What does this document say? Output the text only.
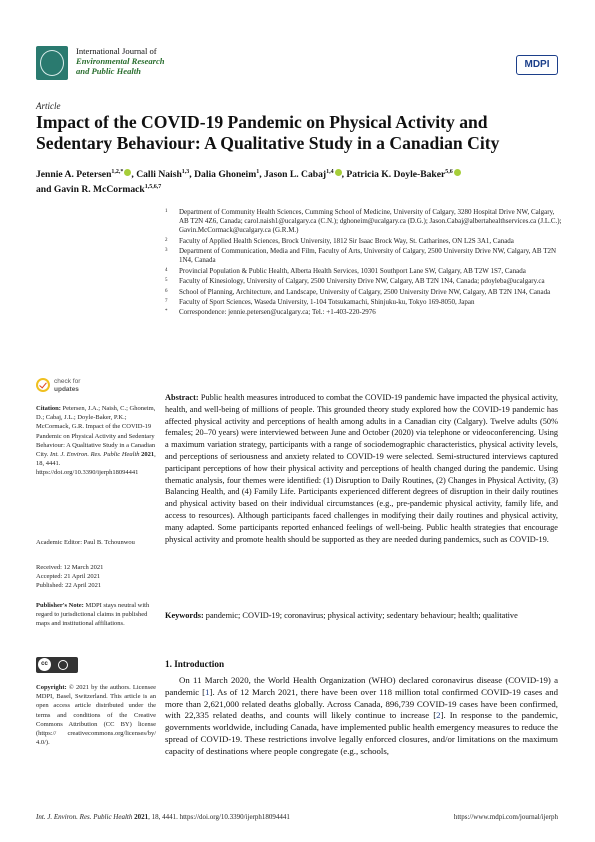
International Journal of
Environmental Research
and Public Health
MDPI
Article
Impact of the COVID-19 Pandemic on Physical Activity and Sedentary Behaviour: A Qualitative Study in a Canadian City
Jennie A. Petersen$^{1,2,*}$ , Calli Naish$^{1,3}$, Dalia Ghoneim$^1$, Jason L. Cabaj$^{1,4}$ , Patricia K. Doyle-Baker$^{5,6}$
and Gavin R. McCormack$^{1,5,6,7}$
1 Department of Community Health Sciences, Cumming School of Medicine, University of Calgary, 3280 Hospital Drive NW, Calgary, AB T2N 4Z6, Canada; carol.naish1@ucalgary.ca (C.N.); dghoneim@ucalgary.ca (D.G.); Jason.Cabaj@albertahealthservices.ca (J.L.C.); Gavin.McCormack@ucalgary.ca (G.R.M.)
2 Faculty of Applied Health Sciences, Brock University, 1812 Sir Isaac Brock Way, St. Catharines, ON L2S 3A1, Canada
3 Department of Communication, Media and Film, Faculty of Arts, University of Calgary, 2500 University Drive NW, Calgary, AB T2N 1N4, Canada
4 Provincial Population & Public Health, Alberta Health Services, 10301 Southport Lane SW, Calgary, AB T2W 1S7, Canada
5 Faculty of Kinesiology, University of Calgary, 2500 University Drive NW, Calgary, AB T2N 1N4, Canada; pdoyleba@ucalgary.ca
6 School of Planning, Architecture, and Landscape, University of Calgary, 2500 University Drive NW, Calgary, AB T2N 1N4, Canada
7 Faculty of Sport Sciences, Waseda University, 1-104 Totsukamachi, Shinjuku-ku, Tokyo 169-8050, Japan
* Correspondence: jennie.petersen@ucalgary.ca; Tel.: +1-403-220-2976
check for
updates
Citation: Petersen, J.A.; Naish, C.; Ghoneim, D.; Cabaj, J.L.; Doyle-Baker, P.K.; McCormack, G.R. Impact of the COVID-19 Pandemic on Physical Activity and Sedentary Behaviour: A Qualitative Study in a Canadian City. Int. J. Environ. Res. Public Health 2021, 18, 4441. https://doi.org/10.3390/ijerph18094441
Academic Editor: Paul B. Tchounwou
Received: 12 March 2021
Accepted: 21 April 2021
Published: 22 April 2021
Publisher's Note: MDPI stays neutral with regard to jurisdictional claims in published maps and institutional affiliations.
cc
Copyright: © 2021 by the authors. Licensee MDPI, Basel, Switzerland. This article is an open access article distributed under the terms and conditions of the Creative Commons Attribution (CC BY) license (https:// creativecommons.org/licenses/by/ 4.0/).
Abstract: Public health measures introduced to combat the COVID-19 pandemic have impacted the physical activity, health, and well-being of millions of people. This grounded theory study explored how the COVID-19 pandemic has affected physical activity and perceptions of health among adults in a Canadian city (Calgary). Twelve adults (50% females; 20–70 years) were interviewed between June and October (2020) via telephone or videoconferencing. Using a maximum variation strategy, participants with a range of sociodemographic characteristics, physical activity levels, and perceptions of seriousness and anxiety related to COVID-19 were selected. Semi-structured interviews captured participant perceptions of how their physical activity and perceptions of health changed during the pandemic. Using thematic analysis, four themes were identified: (1) Disruption to Daily Routines, (2) Changes in Physical Activity, (3) Balancing Health, and (4) Family Life. Participants experienced different degrees of disruption in their daily routines and physical activity based on their individual circumstances (e.g., pre-pandemic physical activity, family life, and access to resources). Although participants faced challenges in modifying their daily routines and physical activity, many adapted. Some participants reported enhanced feelings of well-being. Public health strategies that encourage physical activity and promote health should be supported as they are needed during pandemics, such as COVID-19.
Keywords: pandemic; COVID-19; coronavirus; physical activity; sedentary behaviour; health; qualitative
1. Introduction
On 11 March 2020, the World Health Organization (WHO) declared coronavirus disease (COVID-19) a pandemic [1]. As of 12 March 2021, there have been over 118 million total confirmed COVID-19 cases and more than 2,621,000 related deaths globally. Across Canada, 896,739 COVID-19 cases have been confirmed, with 22,335 related deaths, and counts will likely continue to increase [2]. In response to the pandemic, governments worldwide, including Canada, have implemented public health emergency measures to reduce the spread of COVID-19. These restrictions involve legally enforced closures, and/or limitations on the maximum capacity of destinations where people congregate (e.g., schools,
Int. J. Environ. Res. Public Health 2021, 18, 4441. https://doi.org/10.3390/ijerph18094441	https://www.mdpi.com/journal/ijerph
